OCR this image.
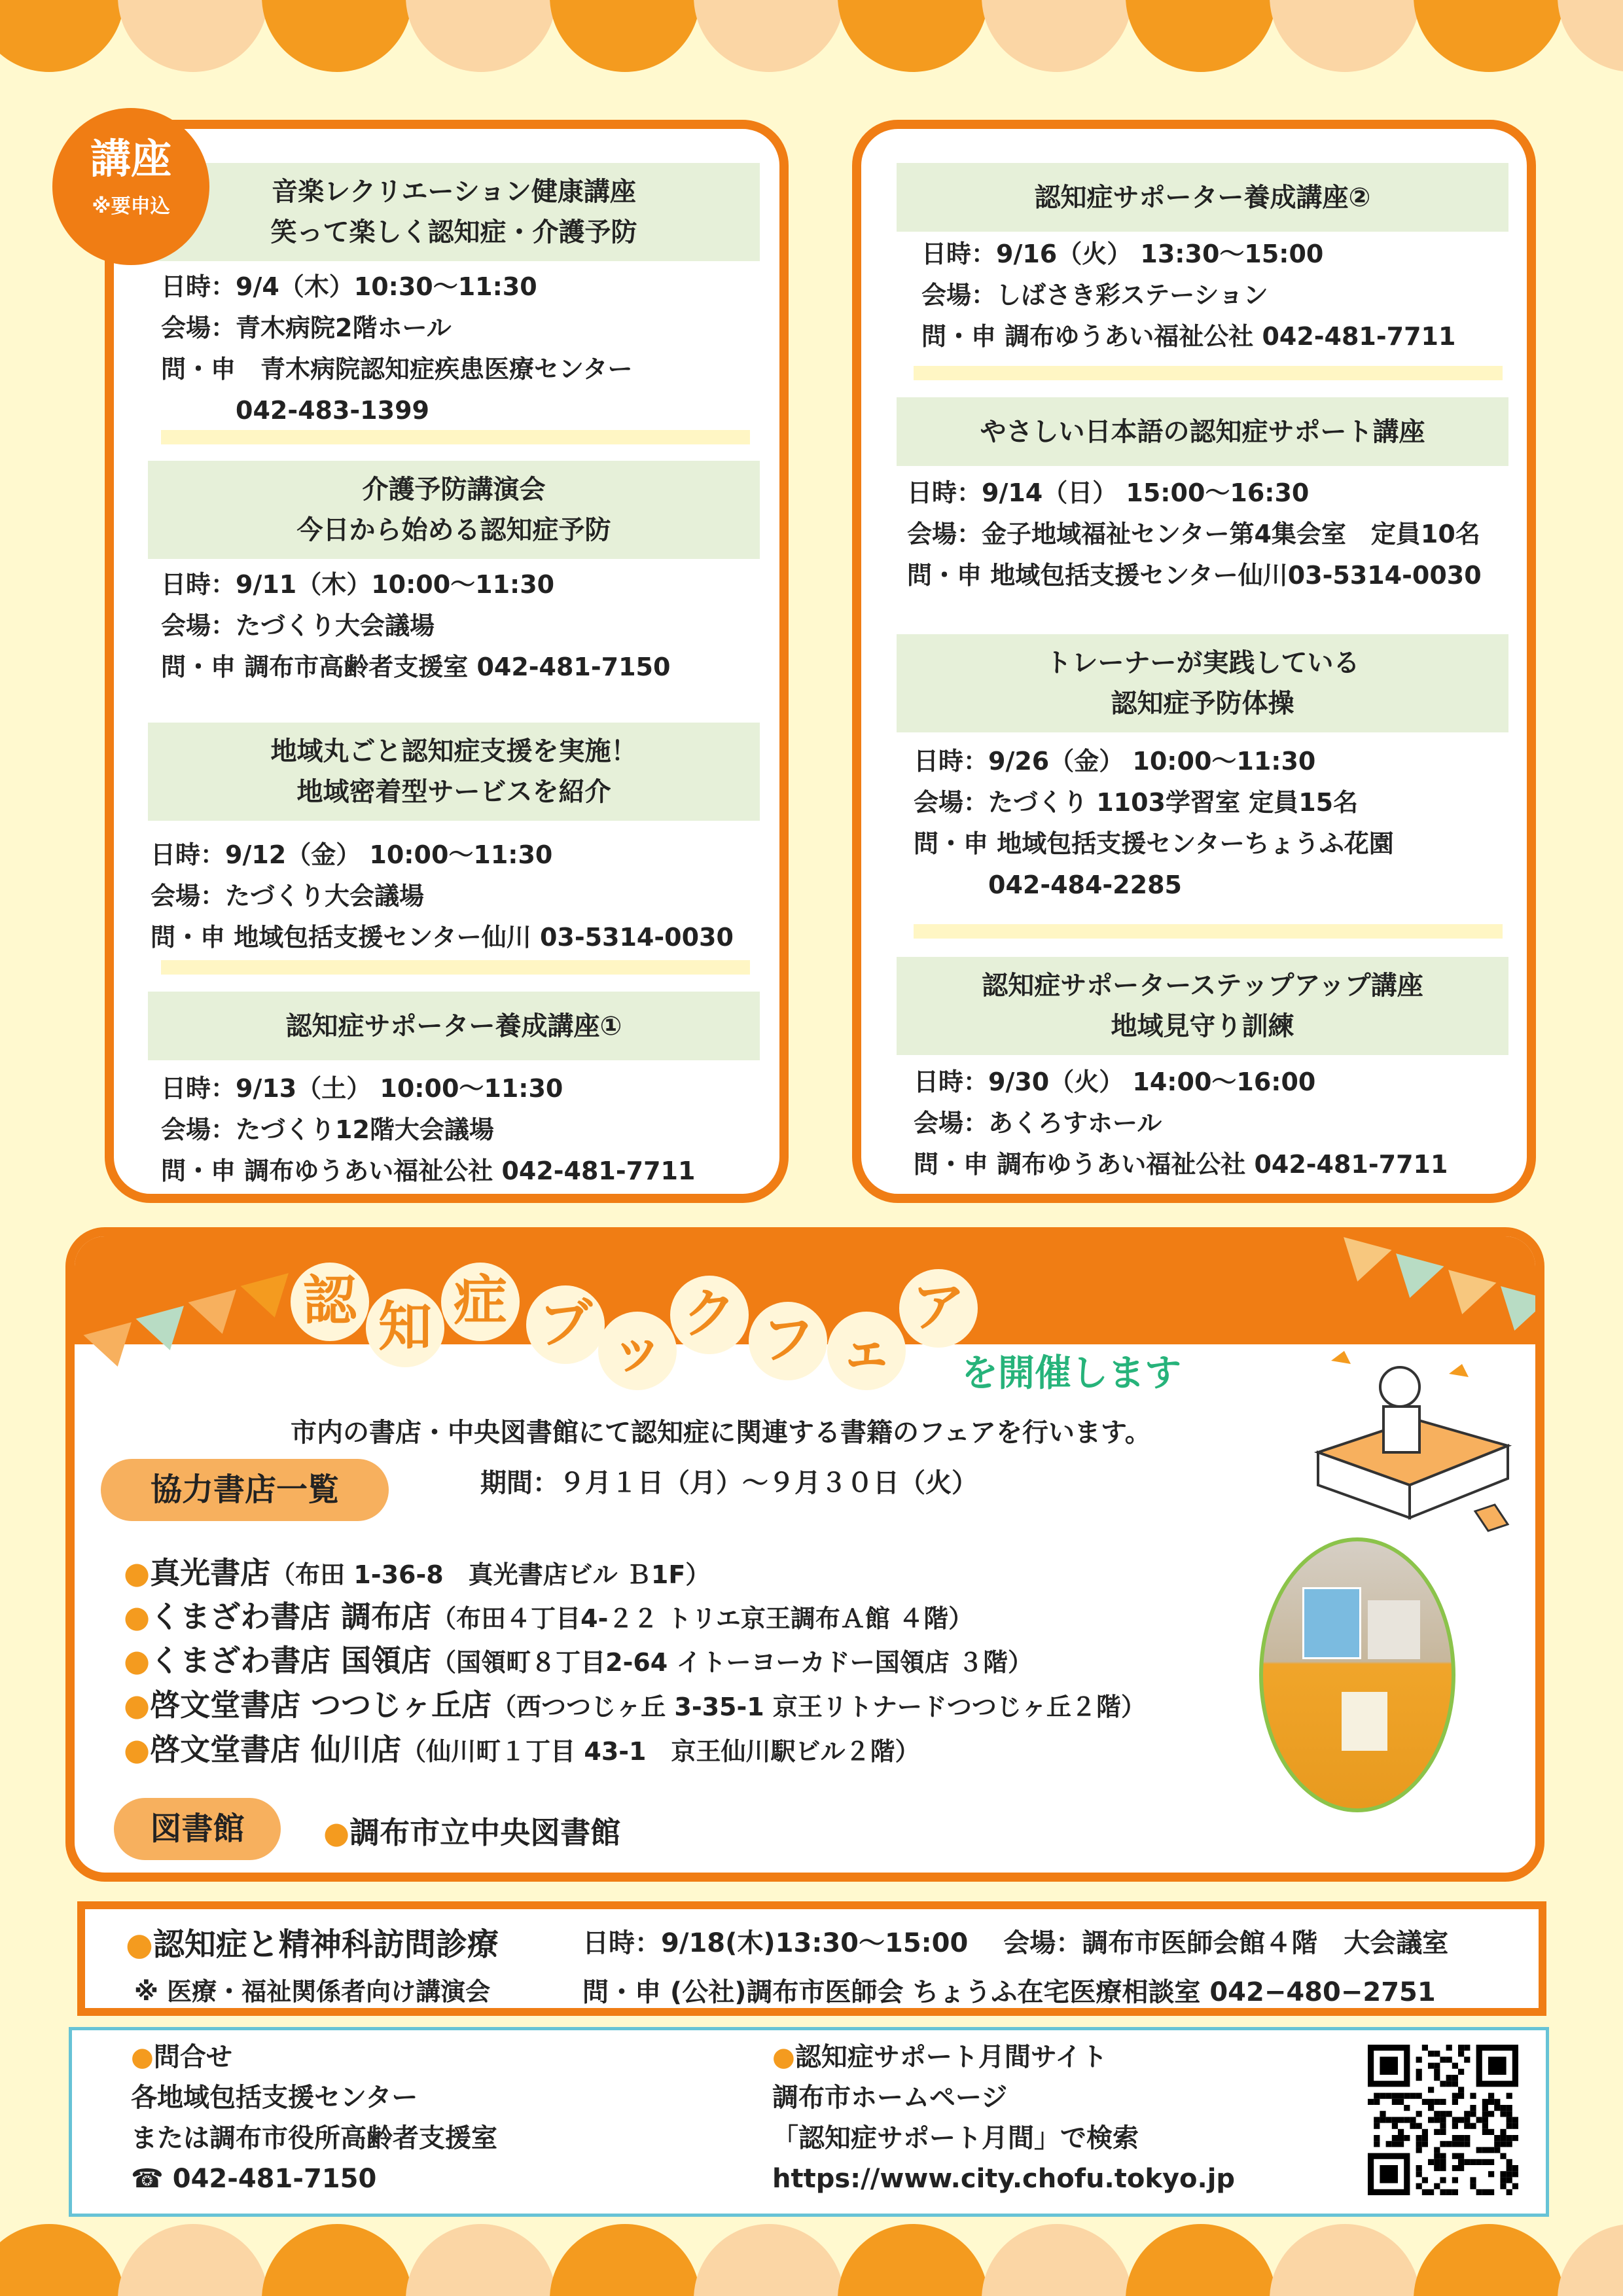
講座
※要申込	音楽レクリエーション健康講座
笑って楽しく認知症・介護予防
日時：9/4（木）10:30～11:30
会場：青木病院2階ホール
問・申　青木病院認知症疾患医療センター
　　　042-483-1399
介護予防講演会
今日から始める認知症予防
日時：9/11（木）10:00～11:30
会場：たづくり大会議場
問・申 調布市高齢者支援室 042-481-7150
地域丸ごと認知症支援を実施！
地域密着型サービスを紹介
日時：9/12（金） 10:00～11:30
会場：たづくり大会議場
問・申 地域包括支援センター仙川 03-5314-0030
認知症サポーター養成講座①
日時：9/13（土） 10:00～11:30
会場：たづくり12階大会議場
問・申 調布ゆうあい福祉公社 042-481-7711
認知症サポーター養成講座②
日時：9/16（火） 13:30～15:00
会場：しばさき彩ステーション
問・申 調布ゆうあい福祉公社 042-481-7711
やさしい日本語の認知症サポート講座
日時：9/14（日） 15:00～16:30
会場：金子地域福祉センター第4集会室　定員10名
問・申 地域包括支援センター仙川03-5314-0030
トレーナーが実践している
認知症予防体操
日時：9/26（金） 10:00～11:30
会場：たづくり 1103学習室 定員15名
問・申 地域包括支援センターちょうふ花園
　　　042-484-2285
認知症サポーターステップアップ講座
地域見守り訓練
日時：9/30（火） 14:00～16:00
会場：あくろすホール
問・申 調布ゆうあい福祉公社 042-481-7711
認 知 症 ブ ッ
ク フ ェ
ア
を開催します
市内の書店・中央図書館にて認知症に関連する書籍のフェアを行います。
期間：９月１日（月）～９月３０日（火）
協力書店一覧
●真光書店（布田 1-36-8　真光書店ビル Ｂ1F）
●くまざわ書店 調布店（布田４丁目4-２２ トリエ京王調布Ａ館 ４階）
●くまざわ書店 国領店（国領町８丁目2-64 イトーヨーカドー国領店 ３階）
●啓文堂書店 つつじヶ丘店（西つつじヶ丘 3-35-1 京王リトナードつつじヶ丘２階）
●啓文堂書店 仙川店（仙川町１丁目 43-1　京王仙川駅ビル２階）
図書館	●調布市立中央図書館
●認知症と精神科訪問診療
※ 医療・福祉関係者向け講演会
日時：9/18(木)13:30～15:00　 会場：調布市医師会館４階　大会議室
問・申 (公社)調布市医師会 ちょうふ在宅医療相談室 042−480−2751
●問合せ
各地域包括支援センター
または調布市役所高齢者支援室
☎ 042-481-7150
●認知症サポート月間サイト
調布市ホームページ
「認知症サポート月間」で検索
https://www.city.chofu.tokyo.jp
